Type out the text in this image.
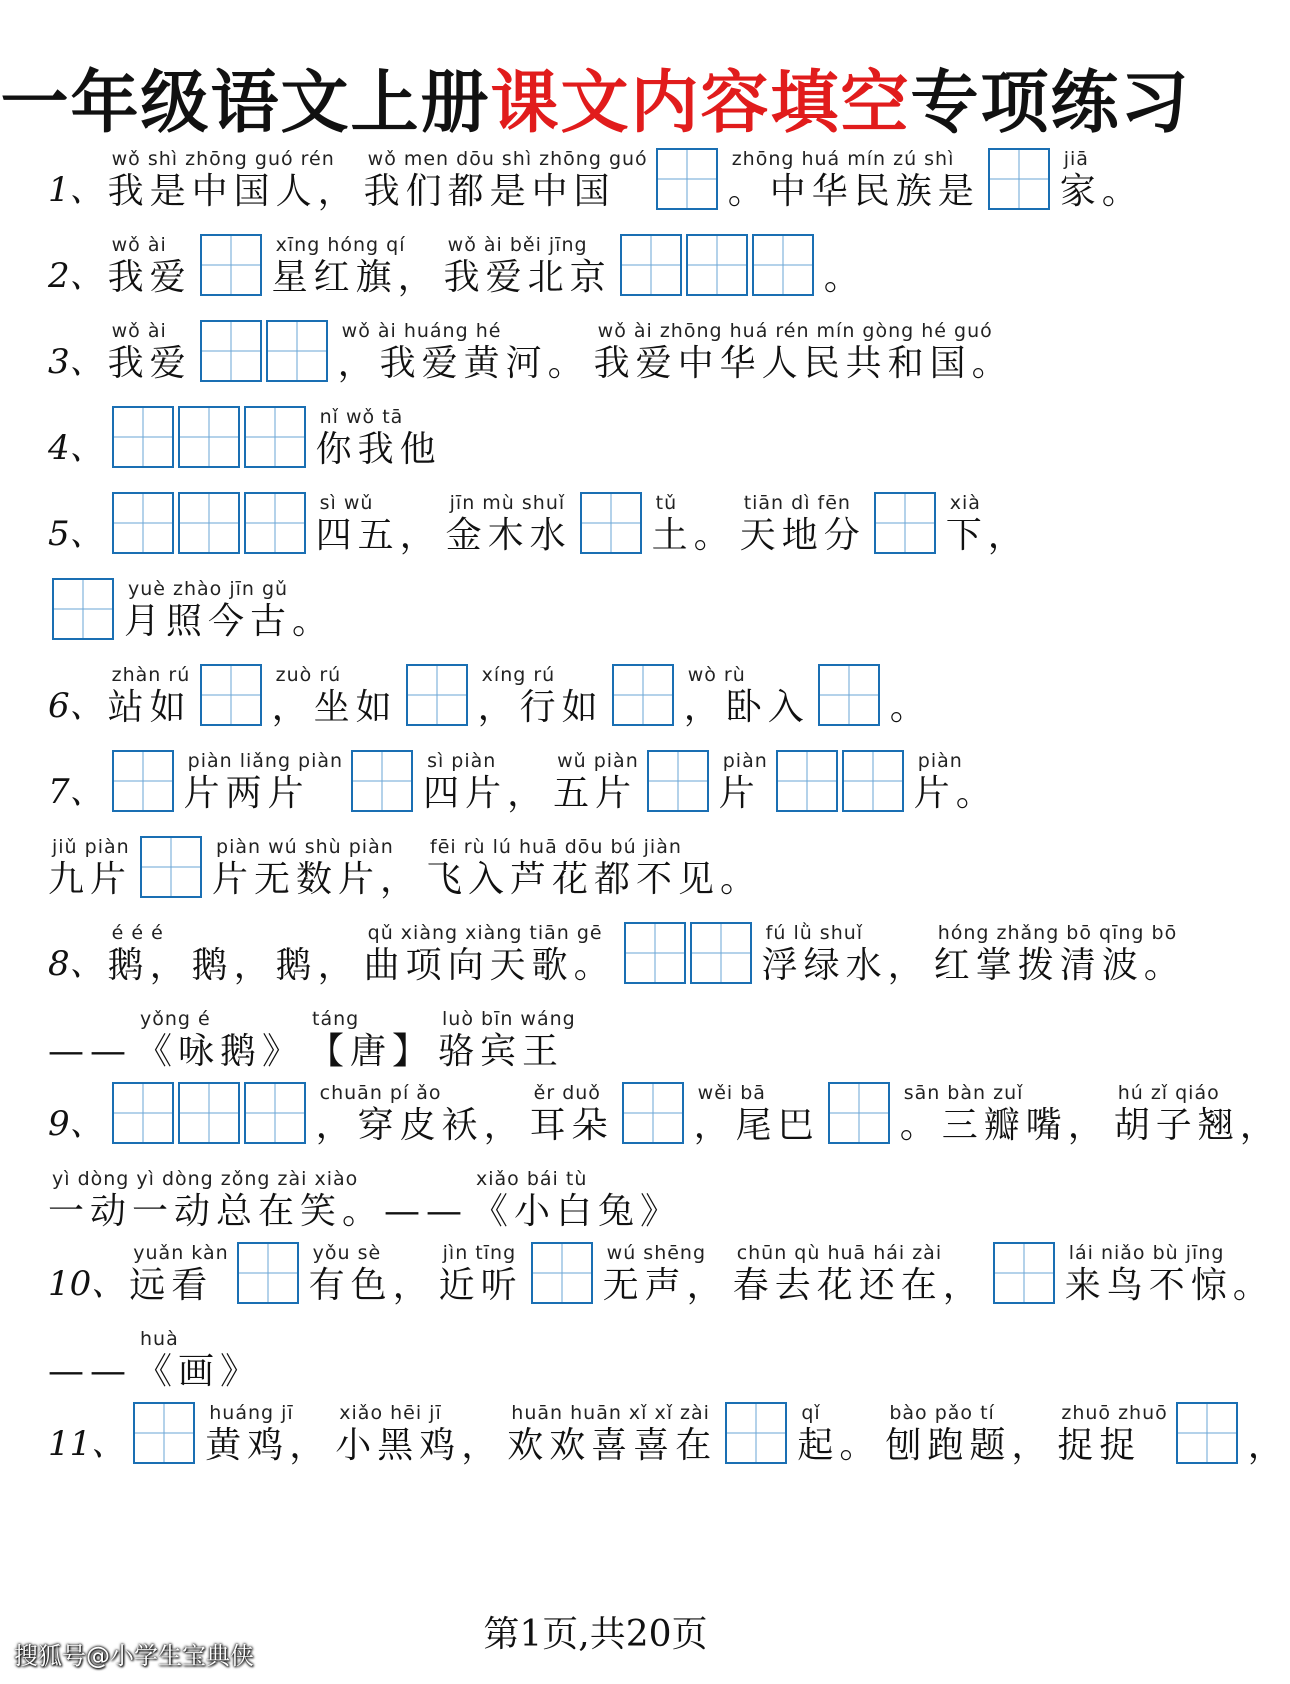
一年级语文上册课文内容填空专项练习
1、
wǒ shì zhōng guó rén
我是中国人，
wǒ men dōu shì zhōng guó
我们都是中国
zhōng huá mín zú shì
。中华民族是
jiā
家。
2、
wǒ ài
我爱
xīng hóng qí
星红旗，
wǒ ài běi jīng
我爱北京	。
3、
wǒ ài
我爱
wǒ ài huáng hé
，我爱黄河。
wǒ ài zhōng huá rén mín gòng hé guó
我爱中华人民共和国。
4、
nǐ wǒ tā
你我他
5、
sì wǔ
四五，
jīn mù shuǐ
金木水
tǔ
土。
tiān dì fēn
天地分
xià
下，
yuè zhào jīn gǔ
月照今古。
6、
zhàn rú
站如
zuò rú
，坐如
xíng rú
，行如
wò rù
，卧入 。
7、
piàn liǎng piàn
片两片
sì piàn
四片，
wǔ piàn
五片
piàn
片
piàn
片。
jiǔ piàn
九片
piàn wú shù piàn
片无数片，
fēi rù lú huā dōu bú jiàn
飞入芦花都不见。
8、
é é é
鹅，鹅，鹅，
qǔ xiàng xiàng tiān gē
曲项向天歌。
fú lǜ shuǐ
浮绿水，
hóng zhǎng bō qīng bō
红掌拨清波。
——
yǒng é
《咏鹅》
táng
【唐】
luò bīn wáng
骆宾王
9、
chuān pí ǎo
，穿皮袄，
ěr duǒ
耳朵
wěi bā
，尾巴
sān bàn zuǐ
。三瓣嘴，
hú zǐ qiáo
胡子翘，
yì dòng yì dòng zǒng zài xiào
一动一动总在笑。——
xiǎo bái tù
《小白兔》
10、
yuǎn kàn
远看
yǒu sè
有色，
jìn tīng
近听
wú shēng
无声，
chūn qù huā hái zài
春去花还在，
lái niǎo bù jīng
来鸟不惊。
——
huà
《画》
11、
huáng jī
黄鸡，
xiǎo hēi jī
小黑鸡，
huān huān xǐ xǐ zài
欢欢喜喜在
qǐ
起。
bào pǎo tí
刨跑题，
zhuō zhuō
捉捉	，
第1页,共20页
搜狐号@小学生宝典侠
